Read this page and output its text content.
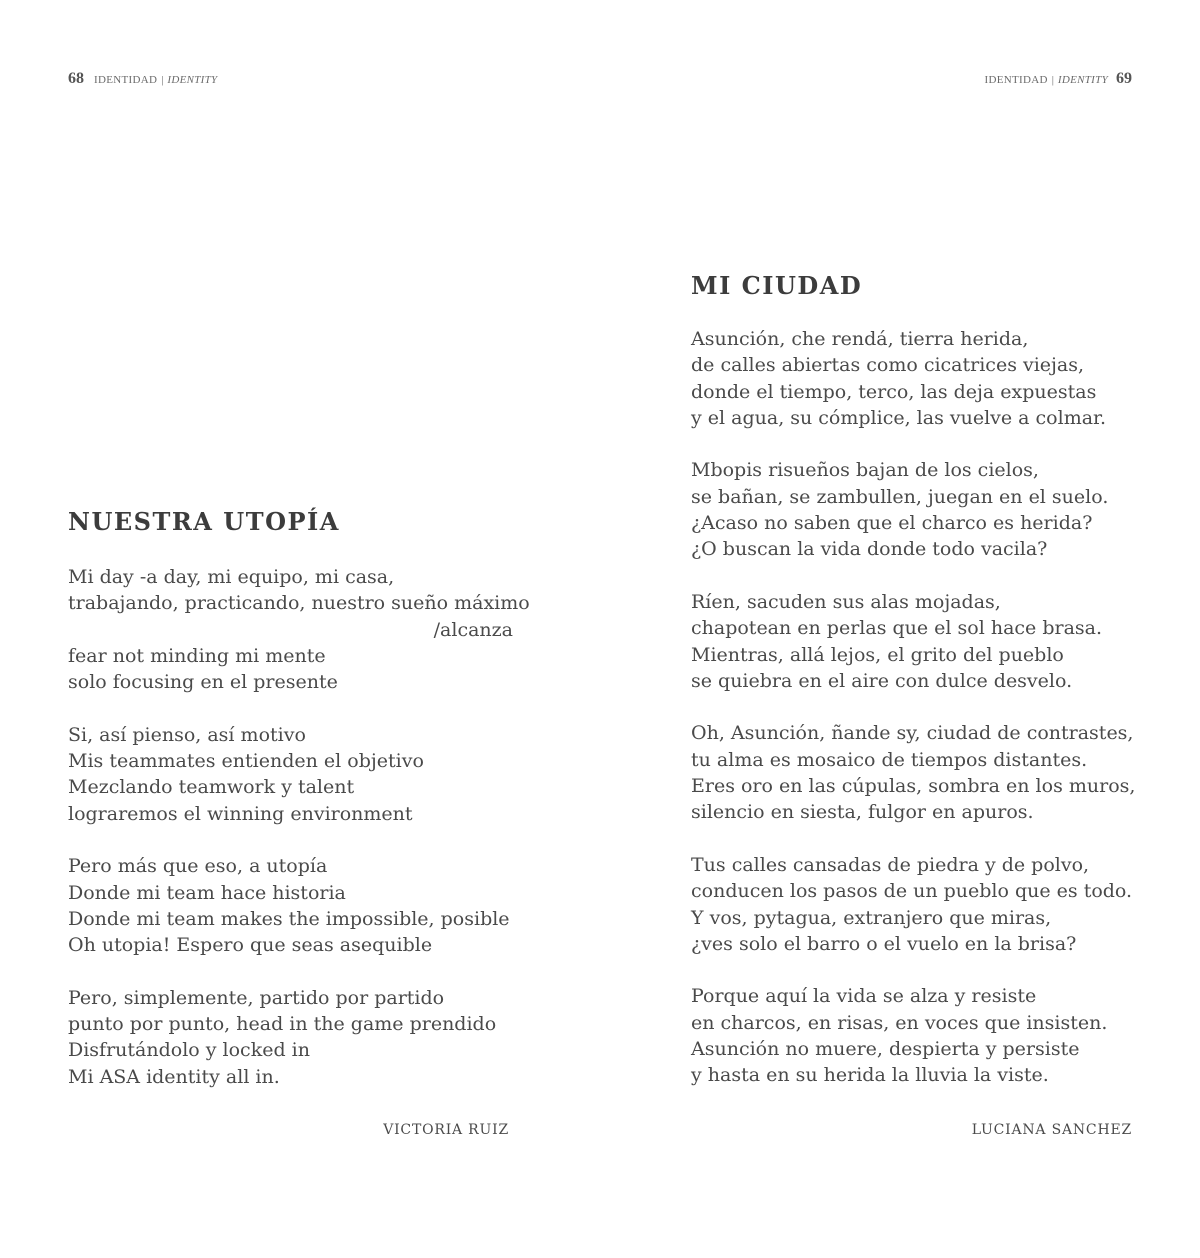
68 IDENTIDAD | IDENTITY
NUESTRA UTOPÍA
Mi day -a day, mi equipo, mi casa,
trabajando, practicando, nuestro sueño máximo
/alcanza
fear not minding mi mente
solo focusing en el presente
Si, así pienso, así motivo
Mis teammates entienden el objetivo
Mezclando teamwork y talent
lograremos el winning environment
Pero más que eso, a utopía
Donde mi team hace historia
Donde mi team makes the impossible, posible
Oh utopia! Espero que seas asequible
Pero, simplemente, partido por partido
punto por punto, head in the game prendido
Disfrutándolo y locked in
Mi ASA identity all in.
VICTORIA RUIZ
IDENTIDAD | IDENTITY 69
MI CIUDAD
Asunción, che rendá, tierra herida,
de calles abiertas como cicatrices viejas,
donde el tiempo, terco, las deja expuestas
y el agua, su cómplice, las vuelve a colmar.
Mbopis risueños bajan de los cielos,
se bañan, se zambullen, juegan en el suelo.
¿Acaso no saben que el charco es herida?
¿O buscan la vida donde todo vacila?
Ríen, sacuden sus alas mojadas,
chapotean en perlas que el sol hace brasa.
Mientras, allá lejos, el grito del pueblo
se quiebra en el aire con dulce desvelo.
Oh, Asunción, ñande sy, ciudad de contrastes,
tu alma es mosaico de tiempos distantes.
Eres oro en las cúpulas, sombra en los muros,
silencio en siesta, fulgor en apuros.
Tus calles cansadas de piedra y de polvo,
conducen los pasos de un pueblo que es todo.
Y vos, pytagua, extranjero que miras,
¿ves solo el barro o el vuelo en la brisa?
Porque aquí la vida se alza y resiste
en charcos, en risas, en voces que insisten.
Asunción no muere, despierta y persiste
y hasta en su herida la lluvia la viste.
LUCIANA SANCHEZ
